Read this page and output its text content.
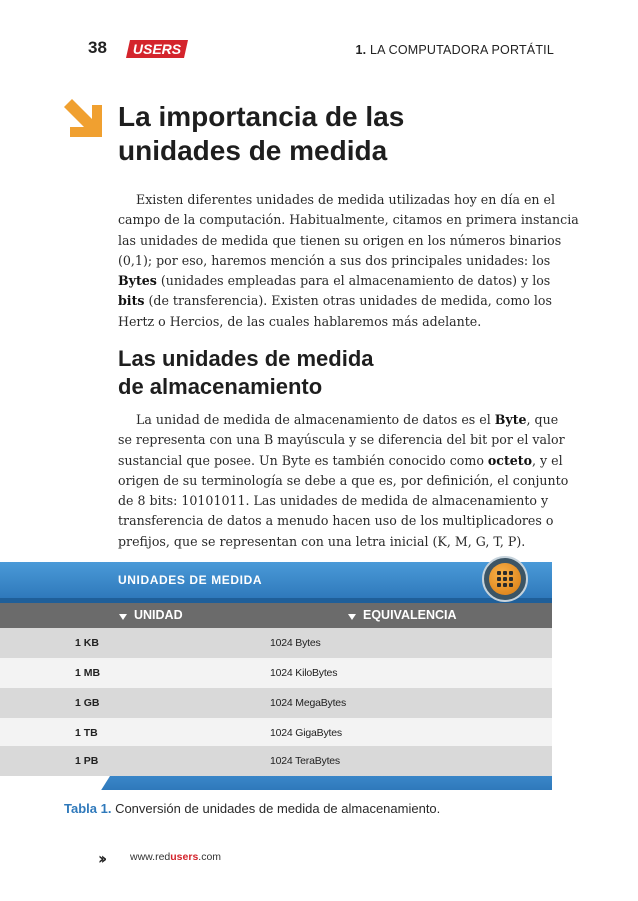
38 USERS	1. LA COMPUTADORA PORTÁTIL
La importancia de las
unidades de medida
Existen diferentes unidades de medida utilizadas hoy en día en el
campo de la computación. Habitualmente, citamos en primera instancia
las unidades de medida que tienen su origen en los números binarios
(0,1); por eso, haremos mención a sus dos principales unidades: los
Bytes (unidades empleadas para el almacenamiento de datos) y los
bits (de transferencia). Existen otras unidades de medida, como los
Hertz o Hercios, de las cuales hablaremos más adelante.
Las unidades de medida
de almacenamiento
La unidad de medida de almacenamiento de datos es el Byte, que
se representa con una B mayúscula y se diferencia del bit por el valor
sustancial que posee. Un Byte es también conocido como octeto, y el
origen de su terminología se debe a que es, por definición, el conjunto
de 8 bits: 10101011. Las unidades de medida de almacenamiento y
transferencia de datos a menudo hacen uso de los multiplicadores o
prefijos, que se representan con una letra inicial (K, M, G, T, P).
UNIDADES DE MEDIDA
UNIDAD	EQUIVALENCIA
1 KB	1024 Bytes
1 MB	1024 KiloBytes
1 GB	1024 MegaBytes
1 TB	1024 GigaBytes
1 PB	1024 TeraBytes
Tabla 1. Conversión de unidades de medida de almacenamiento.
››	www.redusers.com
